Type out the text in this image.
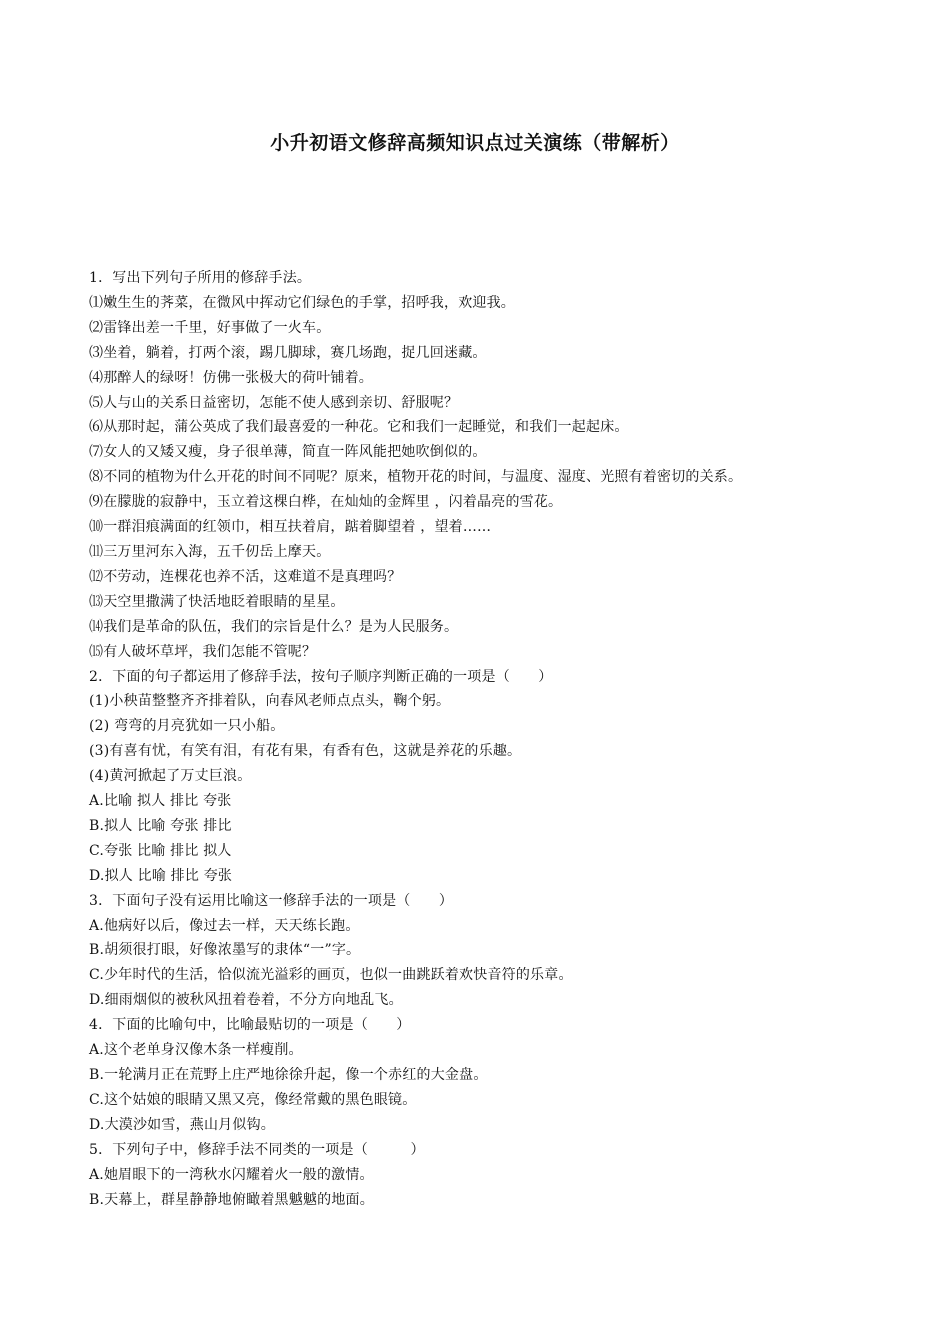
小升初语文修辞高频知识点过关演练（带解析）
1．写出下列句子所用的修辞手法。
⑴嫩生生的荠菜，在微风中挥动它们绿色的手掌，招呼我，欢迎我。
⑵雷锋出差一千里，好事做了一火车。
⑶坐着，躺着，打两个滚，踢几脚球，赛几场跑，捉几回迷藏。
⑷那醉人的绿呀！仿佛一张极大的荷叶铺着。
⑸人与山的关系日益密切，怎能不使人感到亲切、舒服呢？
⑹从那时起，蒲公英成了我们最喜爱的一种花。它和我们一起睡觉，和我们一起起床。
⑺女人的又矮又瘦，身子很单薄，简直一阵风能把她吹倒似的。
⑻不同的植物为什么开花的时间不同呢？原来，植物开花的时间，与温度、湿度、光照有着密切的关系。
⑼在朦胧的寂静中，玉立着这棵白桦，在灿灿的金辉里 ，闪着晶亮的雪花。
⑽一群泪痕满面的红领巾，相互扶着肩，踮着脚望着 ，望着……
⑾三万里河东入海，五千仞岳上摩天。
⑿不劳动，连棵花也养不活，这难道不是真理吗？
⒀天空里撒满了快活地眨着眼睛的星星。
⒁我们是革命的队伍，我们的宗旨是什么？是为人民服务。
⒂有人破坏草坪，我们怎能不管呢？
2．下面的句子都运用了修辞手法，按句子顺序判断正确的一项是（　　）
(1)小秧苗整整齐齐排着队，向春风老师点点头，鞠个躬。
(2) 弯弯的月亮犹如一只小船。
(3)有喜有忧，有笑有泪，有花有果，有香有色，这就是养花的乐趣。
(4)黄河掀起了万丈巨浪。
A.比喻 拟人 排比 夸张
B.拟人 比喻 夸张 排比
C.夸张 比喻 排比 拟人
D.拟人 比喻 排比 夸张
3．下面句子没有运用比喻这一修辞手法的一项是（　　）
A.他病好以后，像过去一样，天天练长跑。
B.胡须很打眼，好像浓墨写的隶体“一”字。
C.少年时代的生活，恰似流光溢彩的画页，也似一曲跳跃着欢快音符的乐章。
D.细雨烟似的被秋风扭着卷着，不分方向地乱飞。
4．下面的比喻句中，比喻最贴切的一项是（　　）
A.这个老单身汉像木条一样瘦削。
B.一轮满月正在荒野上庄严地徐徐升起，像一个赤红的大金盘。
C.这个姑娘的眼睛又黑又亮，像经常戴的黑色眼镜。
D.大漠沙如雪，燕山月似钩。
5．下列句子中，修辞手法不同类的一项是（　　　）
A.她眉眼下的一湾秋水闪耀着火一般的激情。
B.天幕上，群星静静地俯瞰着黑魆魆的地面。
